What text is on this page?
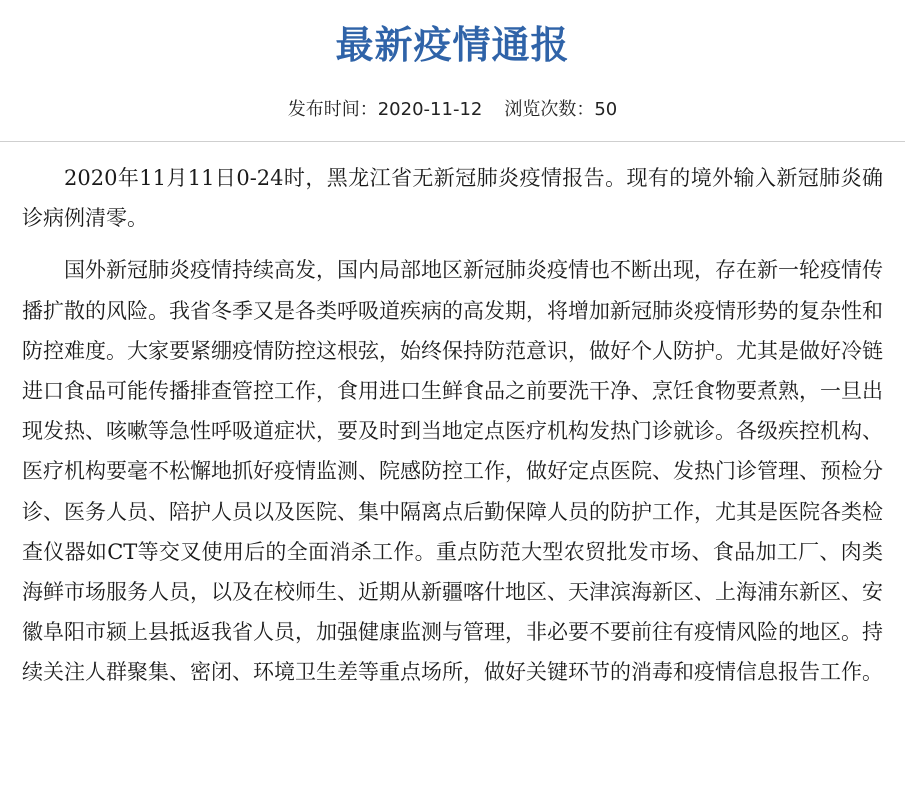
最新疫情通报
发布时间：2020-11-12 浏览次数：50

2020年11月11日0-24时，黑龙江省无新冠肺炎疫情报告。现有的境外输入新冠肺炎确诊病例清零。

国外新冠肺炎疫情持续高发，国内局部地区新冠肺炎疫情也不断出现，存在新一轮疫情传播扩散的风险。我省冬季又是各类呼吸道疾病的高发期，将增加新冠肺炎疫情形势的复杂性和防控难度。大家要紧绷疫情防控这根弦，始终保持防范意识，做好个人防护。尤其是做好冷链进口食品可能传播排查管控工作，食用进口生鲜食品之前要洗干净、烹饪食物要煮熟，一旦出现发热、咳嗽等急性呼吸道症状，要及时到当地定点医疗机构发热门诊就诊。各级疾控机构、医疗机构要毫不松懈地抓好疫情监测、院感防控工作，做好定点医院、发热门诊管理、预检分诊、医务人员、陪护人员以及医院、集中隔离点后勤保障人员的防护工作，尤其是医院各类检查仪器如CT等交叉使用后的全面消杀工作。重点防范大型农贸批发市场、食品加工厂、肉类海鲜市场服务人员，以及在校师生、近期从新疆喀什地区、天津滨海新区、上海浦东新区、安徽阜阳市颍上县抵返我省人员，加强健康监测与管理，非必要不要前往有疫情风险的地区。持续关注人群聚集、密闭、环境卫生差等重点场所，做好关键环节的消毒和疫情信息报告工作。
